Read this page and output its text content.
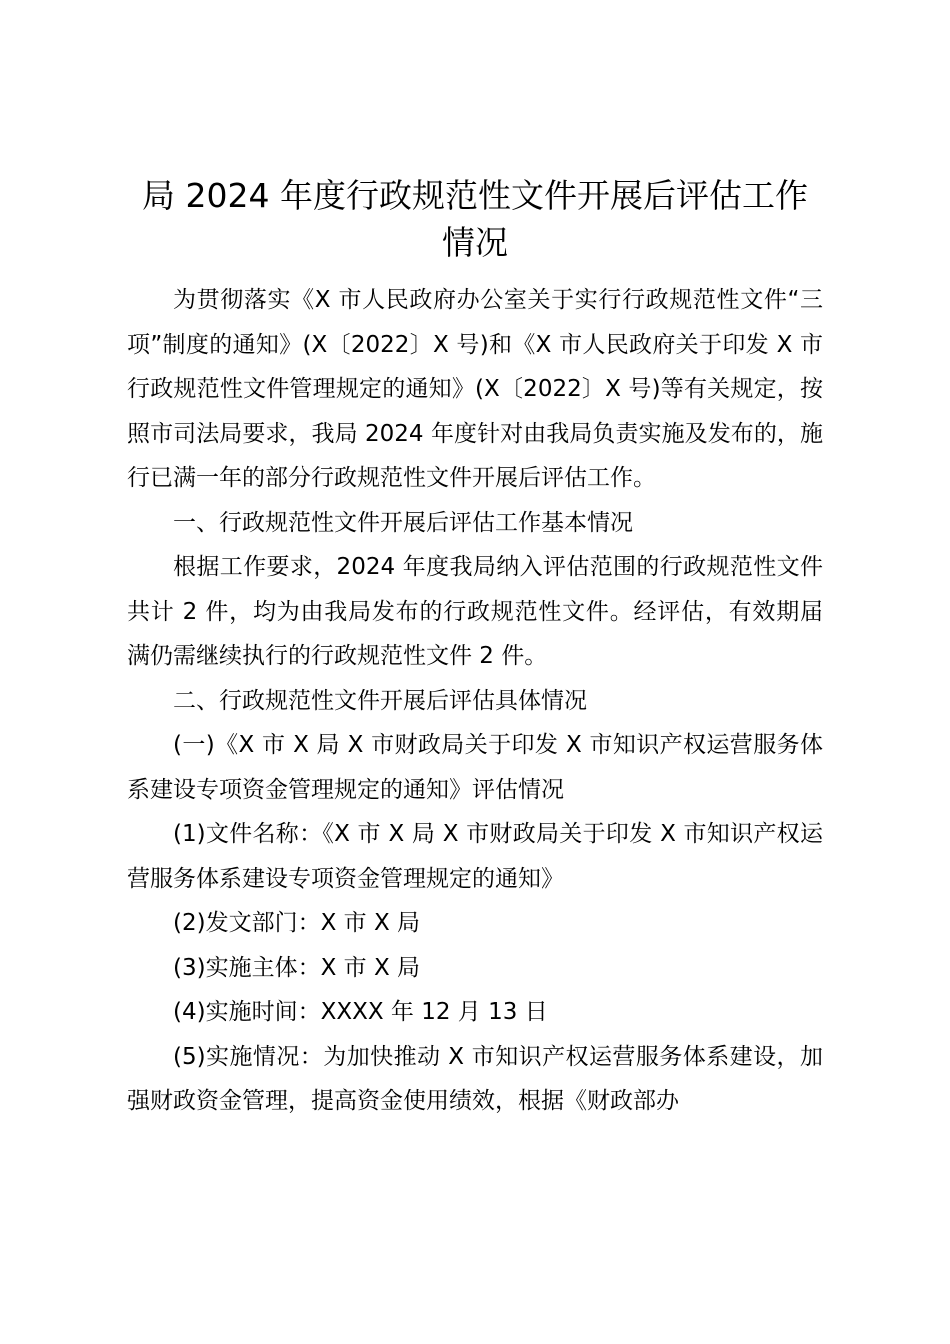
局 2024 年度行政规范性文件开展后评估工作
情况

为贯彻落实《X 市人民政府办公室关于实行行政规范性文件“三项”制度的通知》(X〔2022〕X 号)和《X 市人民政府关于印发 X 市行政规范性文件管理规定的通知》(X〔2022〕X 号)等有关规定，按照市司法局要求，我局 2024 年度针对由我局负责实施及发布的，施行已满一年的部分行政规范性文件开展后评估工作。

一、行政规范性文件开展后评估工作基本情况

根据工作要求，2024 年度我局纳入评估范围的行政规范性文件共计 2 件，均为由我局发布的行政规范性文件。经评估，有效期届满仍需继续执行的行政规范性文件 2 件。

二、行政规范性文件开展后评估具体情况

(一)《X 市 X 局 X 市财政局关于印发 X 市知识产权运营服务体系建设专项资金管理规定的通知》评估情况

(1)文件名称：《X 市 X 局 X 市财政局关于印发 X 市知识产权运营服务体系建设专项资金管理规定的通知》

(2)发文部门：X 市 X 局

(3)实施主体：X 市 X 局

(4)实施时间：XXXX 年 12 月 13 日

(5)实施情况：为加快推动 X 市知识产权运营服务体系建设，加强财政资金管理，提高资金使用绩效，根据《财政部办
